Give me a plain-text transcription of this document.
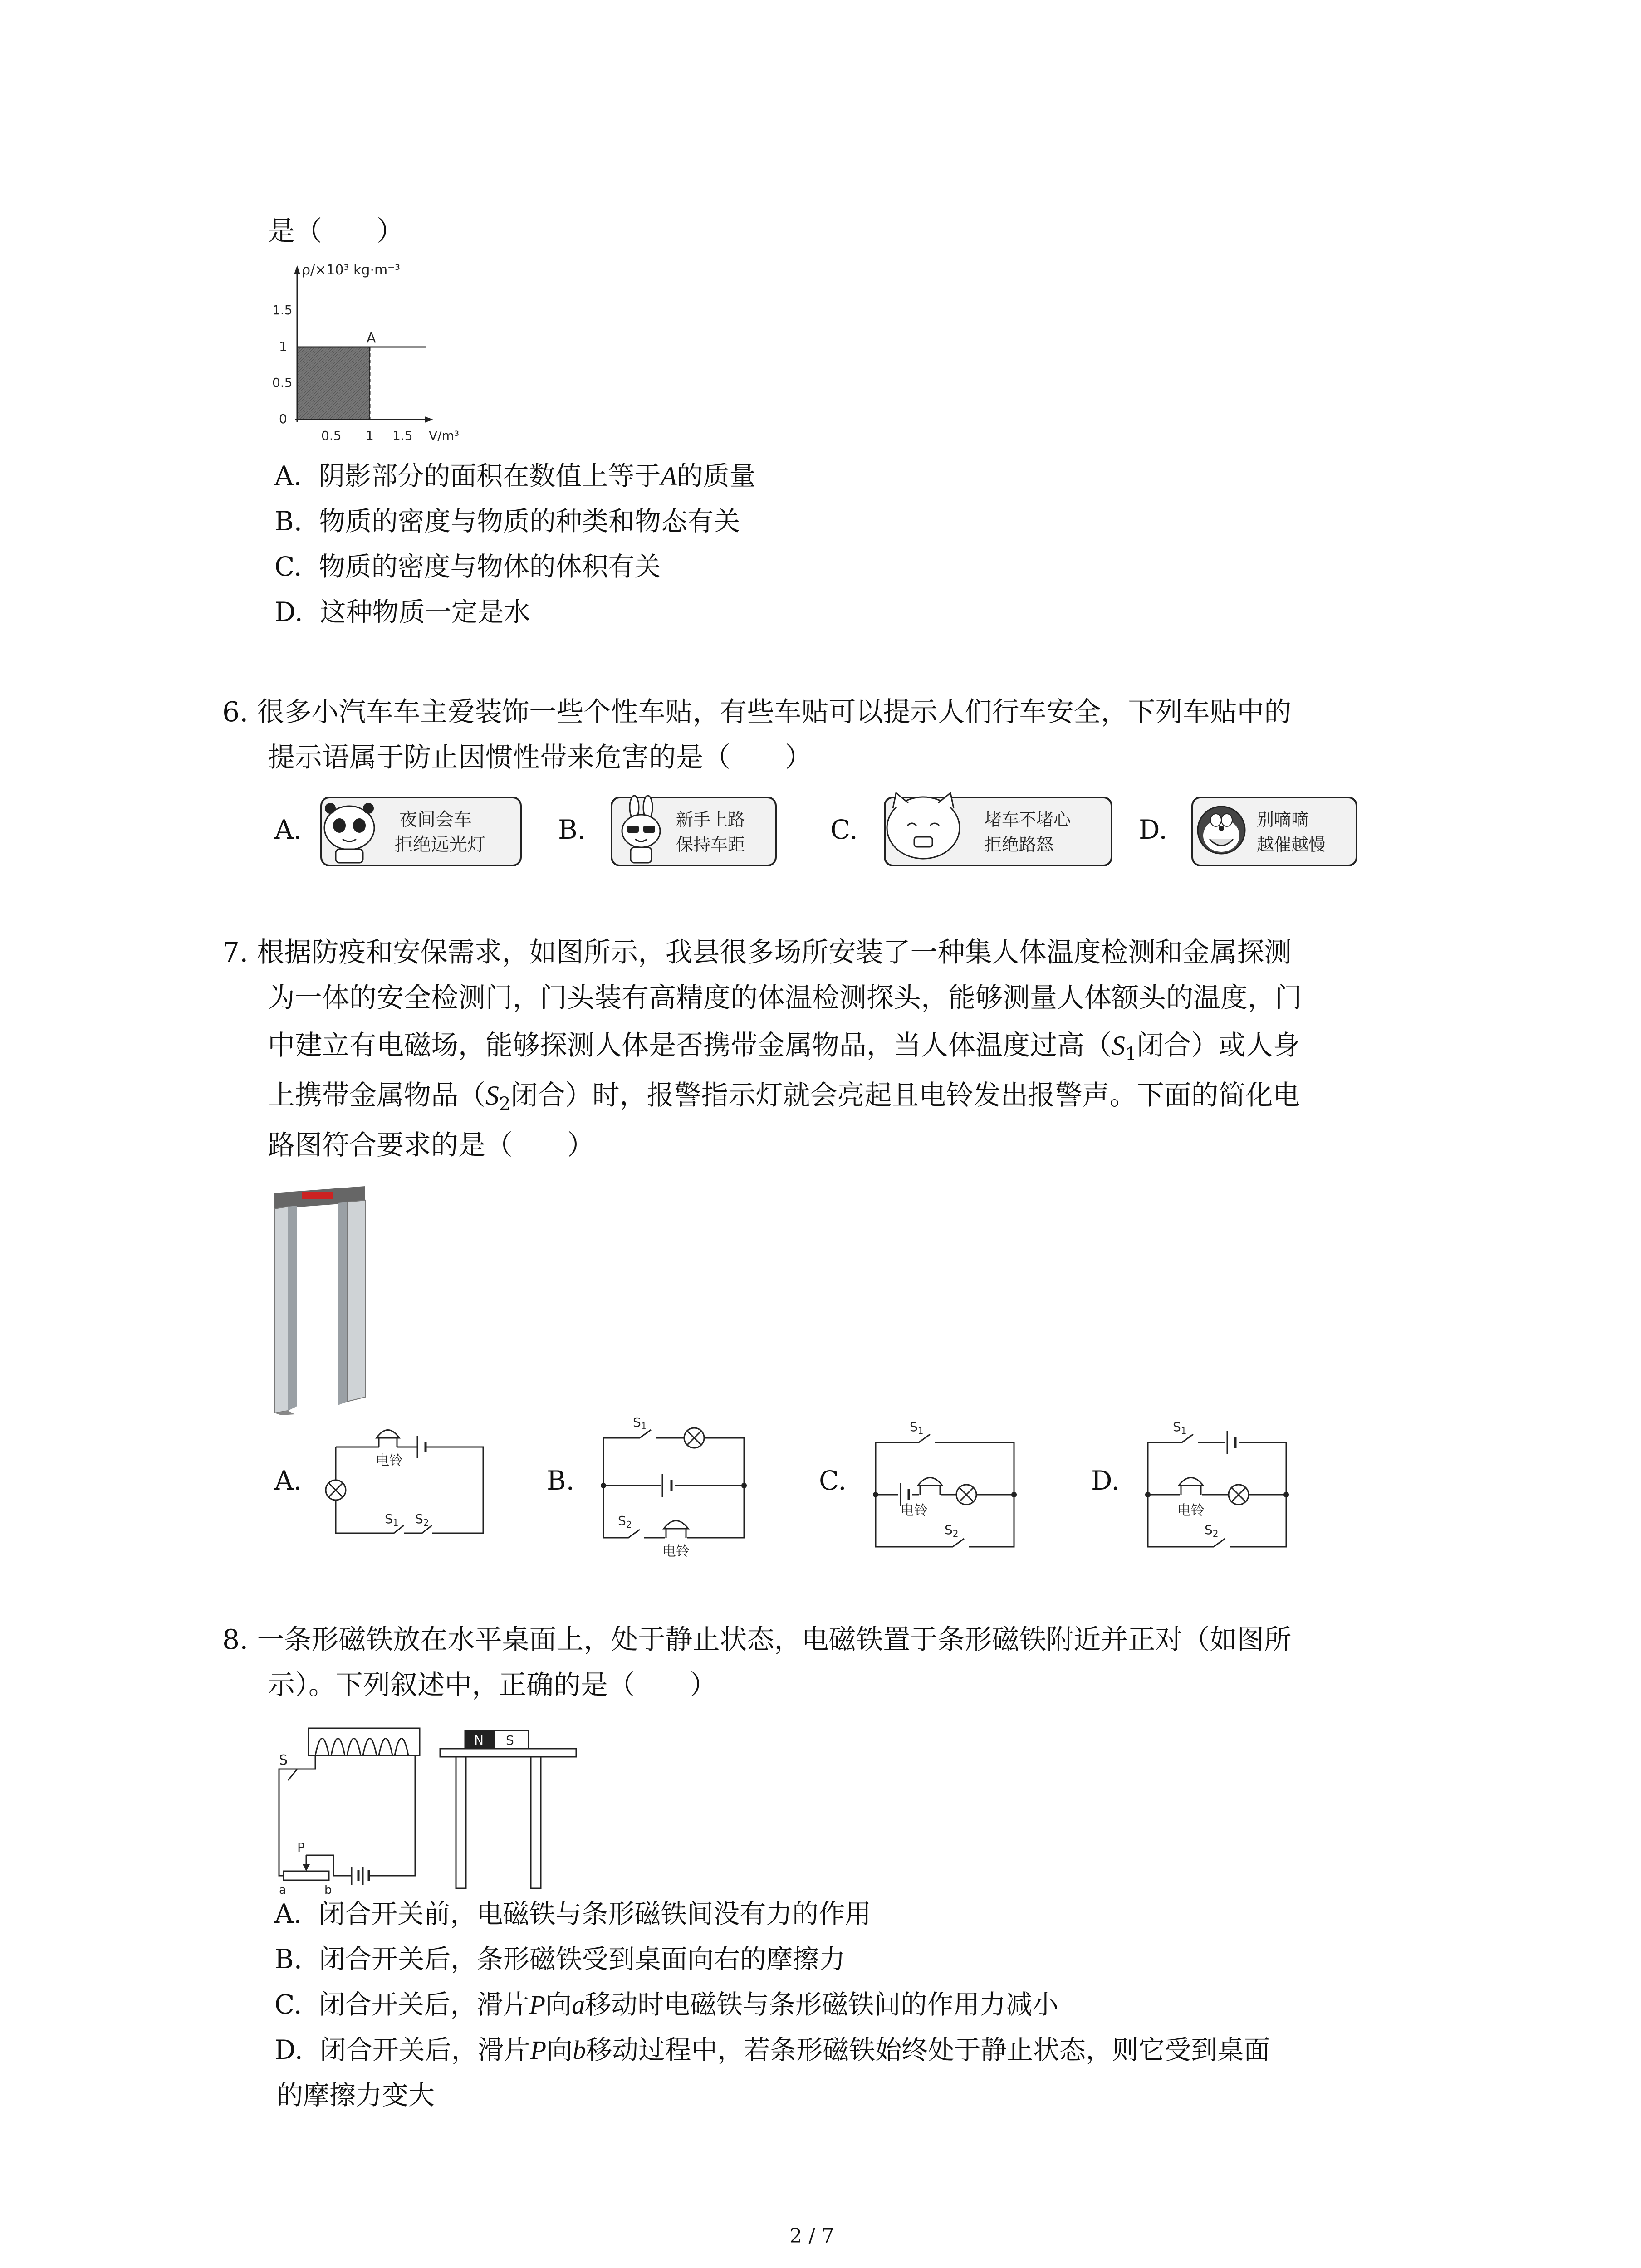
是（　　）
ρ/×10³ kg·m⁻³
A
1.5
1
0.5
0
0.5 1 1.5 V/m³
A. 阴影部分的面积在数值上等于A的质量
B. 物质的密度与物质的种类和物态有关
C. 物质的密度与物体的体积有关
D. 这种物质一定是水
6. 很多小汽车车主爱装饰一些个性车贴，有些车贴可以提示人们行车安全，下列车贴中的
提示语属于防止因惯性带来危害的是（　　）
A.	夜间会车
拒绝远光灯	B.	新手上路
保持车距	C.	堵车不堵心
拒绝路怒	D.	别嘀嘀
越催越慢
7. 根据防疫和安保需求，如图所示，我县很多场所安装了一种集人体温度检测和金属探测
为一体的安全检测门，门头装有高精度的体温检测探头，能够测量人体额头的温度，门
中建立有电磁场，能够探测人体是否携带金属物品，当人体温度过高（$S_1$闭合）或人身
上携带金属物品（$S_2$闭合）时，报警指示灯就会亮起且电铃发出报警声。下面的简化电
路图符合要求的是（　　）
A.
电铃
$S_1$ $S_2$
B.
$S_1$
$S_2$
电铃
C.
$S_1$
电铃
$S_2$
D.
$S_1$
电铃
$S_2$
8. 一条形磁铁放在水平桌面上，处于静止状态，电磁铁置于条形磁铁附近并正对（如图所
示）。下列叙述中，正确的是（　　）
S
P
a	b
N S
A. 闭合开关前，电磁铁与条形磁铁间没有力的作用
B. 闭合开关后，条形磁铁受到桌面向右的摩擦力
C. 闭合开关后，滑片P向a移动时电磁铁与条形磁铁间的作用力减小
D. 闭合开关后，滑片P向b移动过程中，若条形磁铁始终处于静止状态，则它受到桌面
的摩擦力变大
2 / 7
